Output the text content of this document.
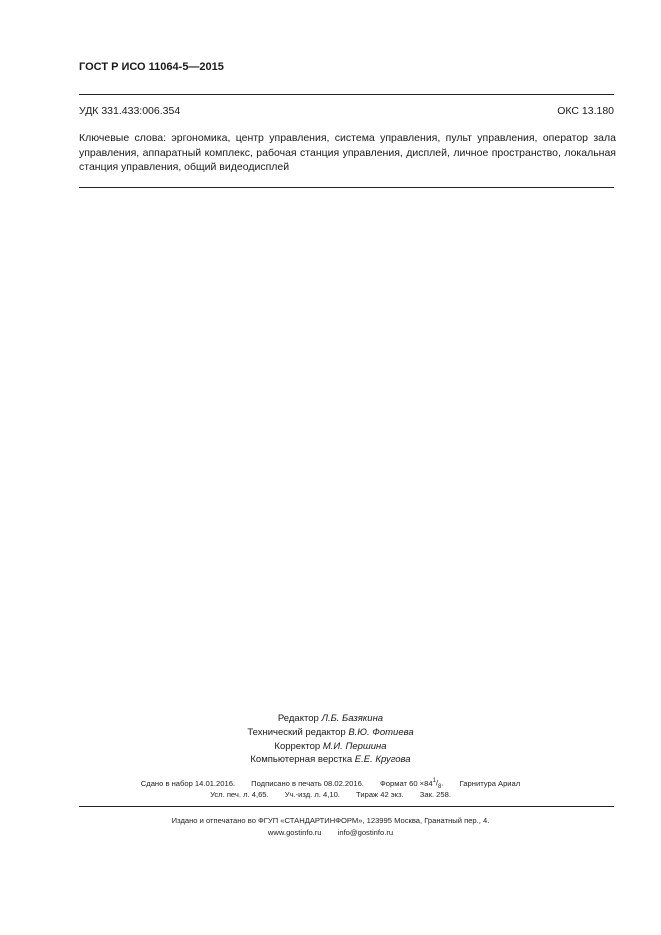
ГОСТ Р ИСО 11064-5—2015
УДК 331.433:006.354	ОКС 13.180
Ключевые слова: эргономика, центр управления, система управления, пульт управления, оператор зала управления, аппаратный комплекс, рабочая станция управления, дисплей, личное пространство, локальная станция управления, общий видеодисплей
Редактор Л.Б. Базякина
Технический редактор В.Ю. Фотиева
Корректор М.И. Першина
Компьютерная верстка Е.Е. Кругова
Сдано в набор 14.01.2016. Подписано в печать 08.02.2016. Формат $60 \times 84^1/_8$. Гарнитура Ариал
Усл. печ. л. 4,65. Уч.-изд. л. 4,10. Тираж 42 экз. Зак. 258.
Издано и отпечатано во ФГУП «СТАНДАРТИНФОРМ», 123995 Москва, Гранатный пер., 4.
www.gostinfo.ru info@gostinfo.ru
